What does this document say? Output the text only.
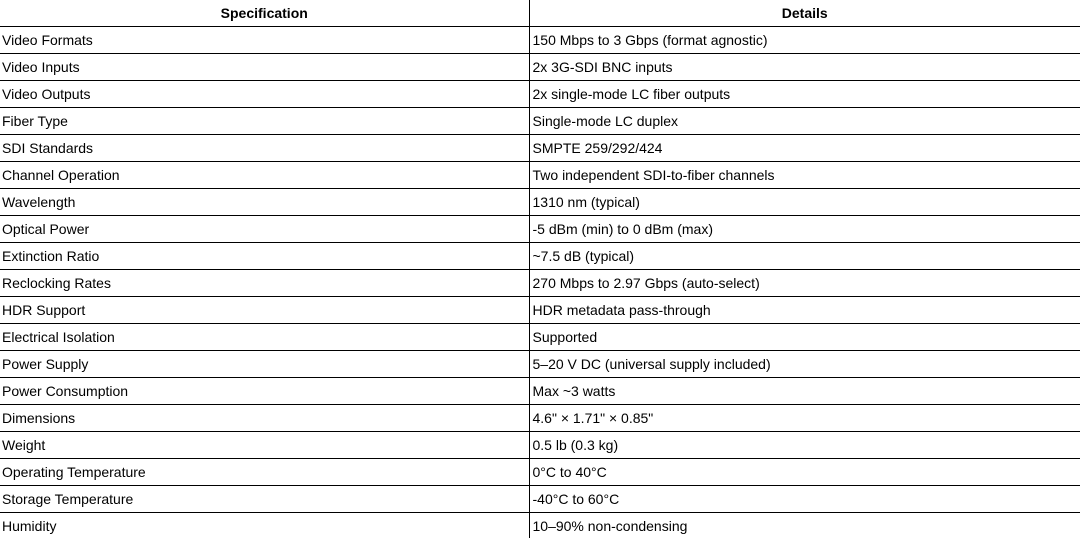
Specification	Details
Video Formats	150 Mbps to 3 Gbps (format agnostic)
Video Inputs	2x 3G-SDI BNC inputs
Video Outputs	2x single-mode LC fiber outputs
Fiber Type	Single-mode LC duplex
SDI Standards	SMPTE 259/292/424
Channel Operation	Two independent SDI-to-fiber channels
Wavelength	1310 nm (typical)
Optical Power	-5 dBm (min) to 0 dBm (max)
Extinction Ratio	~7.5 dB (typical)
Reclocking Rates	270 Mbps to 2.97 Gbps (auto-select)
HDR Support	HDR metadata pass-through
Electrical Isolation	Supported
Power Supply	5–20 V DC (universal supply included)
Power Consumption	Max ~3 watts
Dimensions	4.6" × 1.71" × 0.85"
Weight	0.5 lb (0.3 kg)
Operating Temperature	0°C to 40°C
Storage Temperature	-40°C to 60°C
Humidity	10–90% non-condensing
